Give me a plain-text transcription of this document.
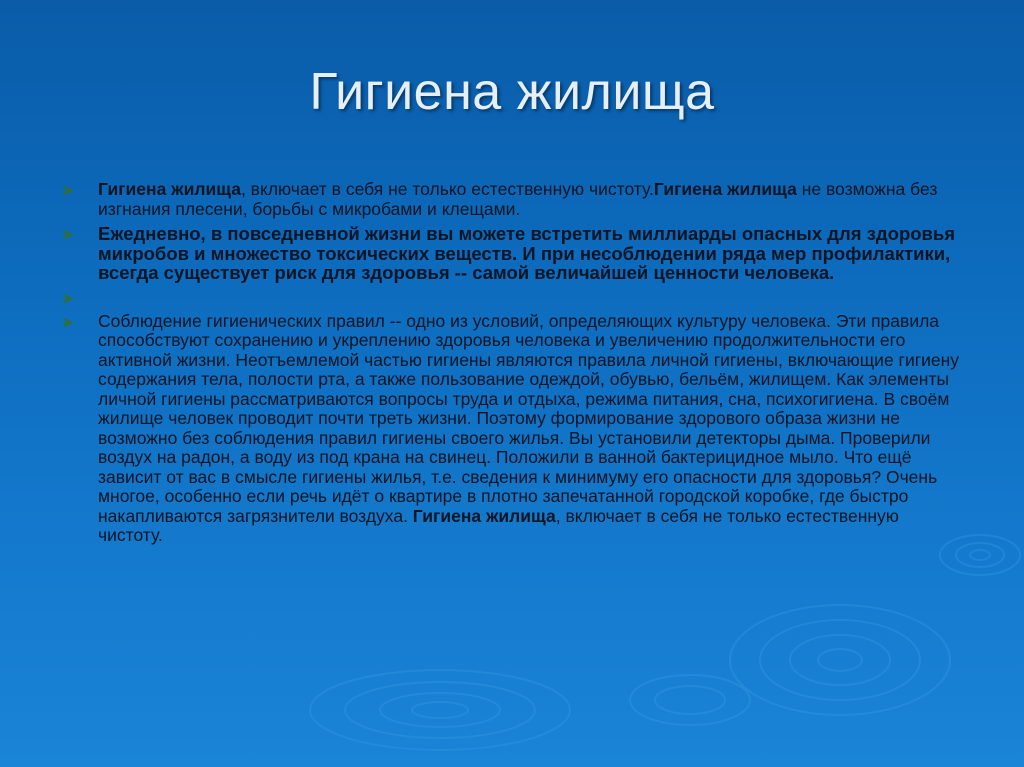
Гигиена жилища
➤ Гигиена жилища, включает в себя не только естественную чистоту.Гигиена жилища не возможна без изгнания плесени, борьбы с микробами и клещами.
➤ Ежедневно, в повседневной жизни вы можете встретить миллиарды опасных для здоровья микробов и множество токсических веществ. И при несоблюдении ряда мер профилактики, всегда существует риск для здоровья -- самой величайшей ценности человека.
➤
➤ Соблюдение гигиенических правил -- одно из условий, определяющих культуру человека. Эти правила способствуют сохранению и укреплению здоровья человека и увеличению продолжительности его активной жизни. Неотъемлемой частью гигиены являются правила личной гигиены, включающие гигиену содержания тела, полости рта, а также пользование одеждой, обувью, бельём, жилищем. Как элементы личной гигиены рассматриваются вопросы труда и отдыха, режима питания, сна, психогигиена. В своём жилище человек проводит почти треть жизни. Поэтому формирование здорового образа жизни не возможно без соблюдения правил гигиены своего жилья. Вы установили детекторы дыма. Проверили воздух на радон, а воду из под крана на свинец. Положили в ванной бактерицидное мыло. Что ещё зависит от вас в смысле гигиены жилья, т.е. сведения к минимуму его опасности для здоровья? Очень многое, особенно если речь идёт о квартире в плотно запечатанной городской коробке, где быстро накапливаются загрязнители воздуха. Гигиена жилища, включает в себя не только естественную чистоту.
